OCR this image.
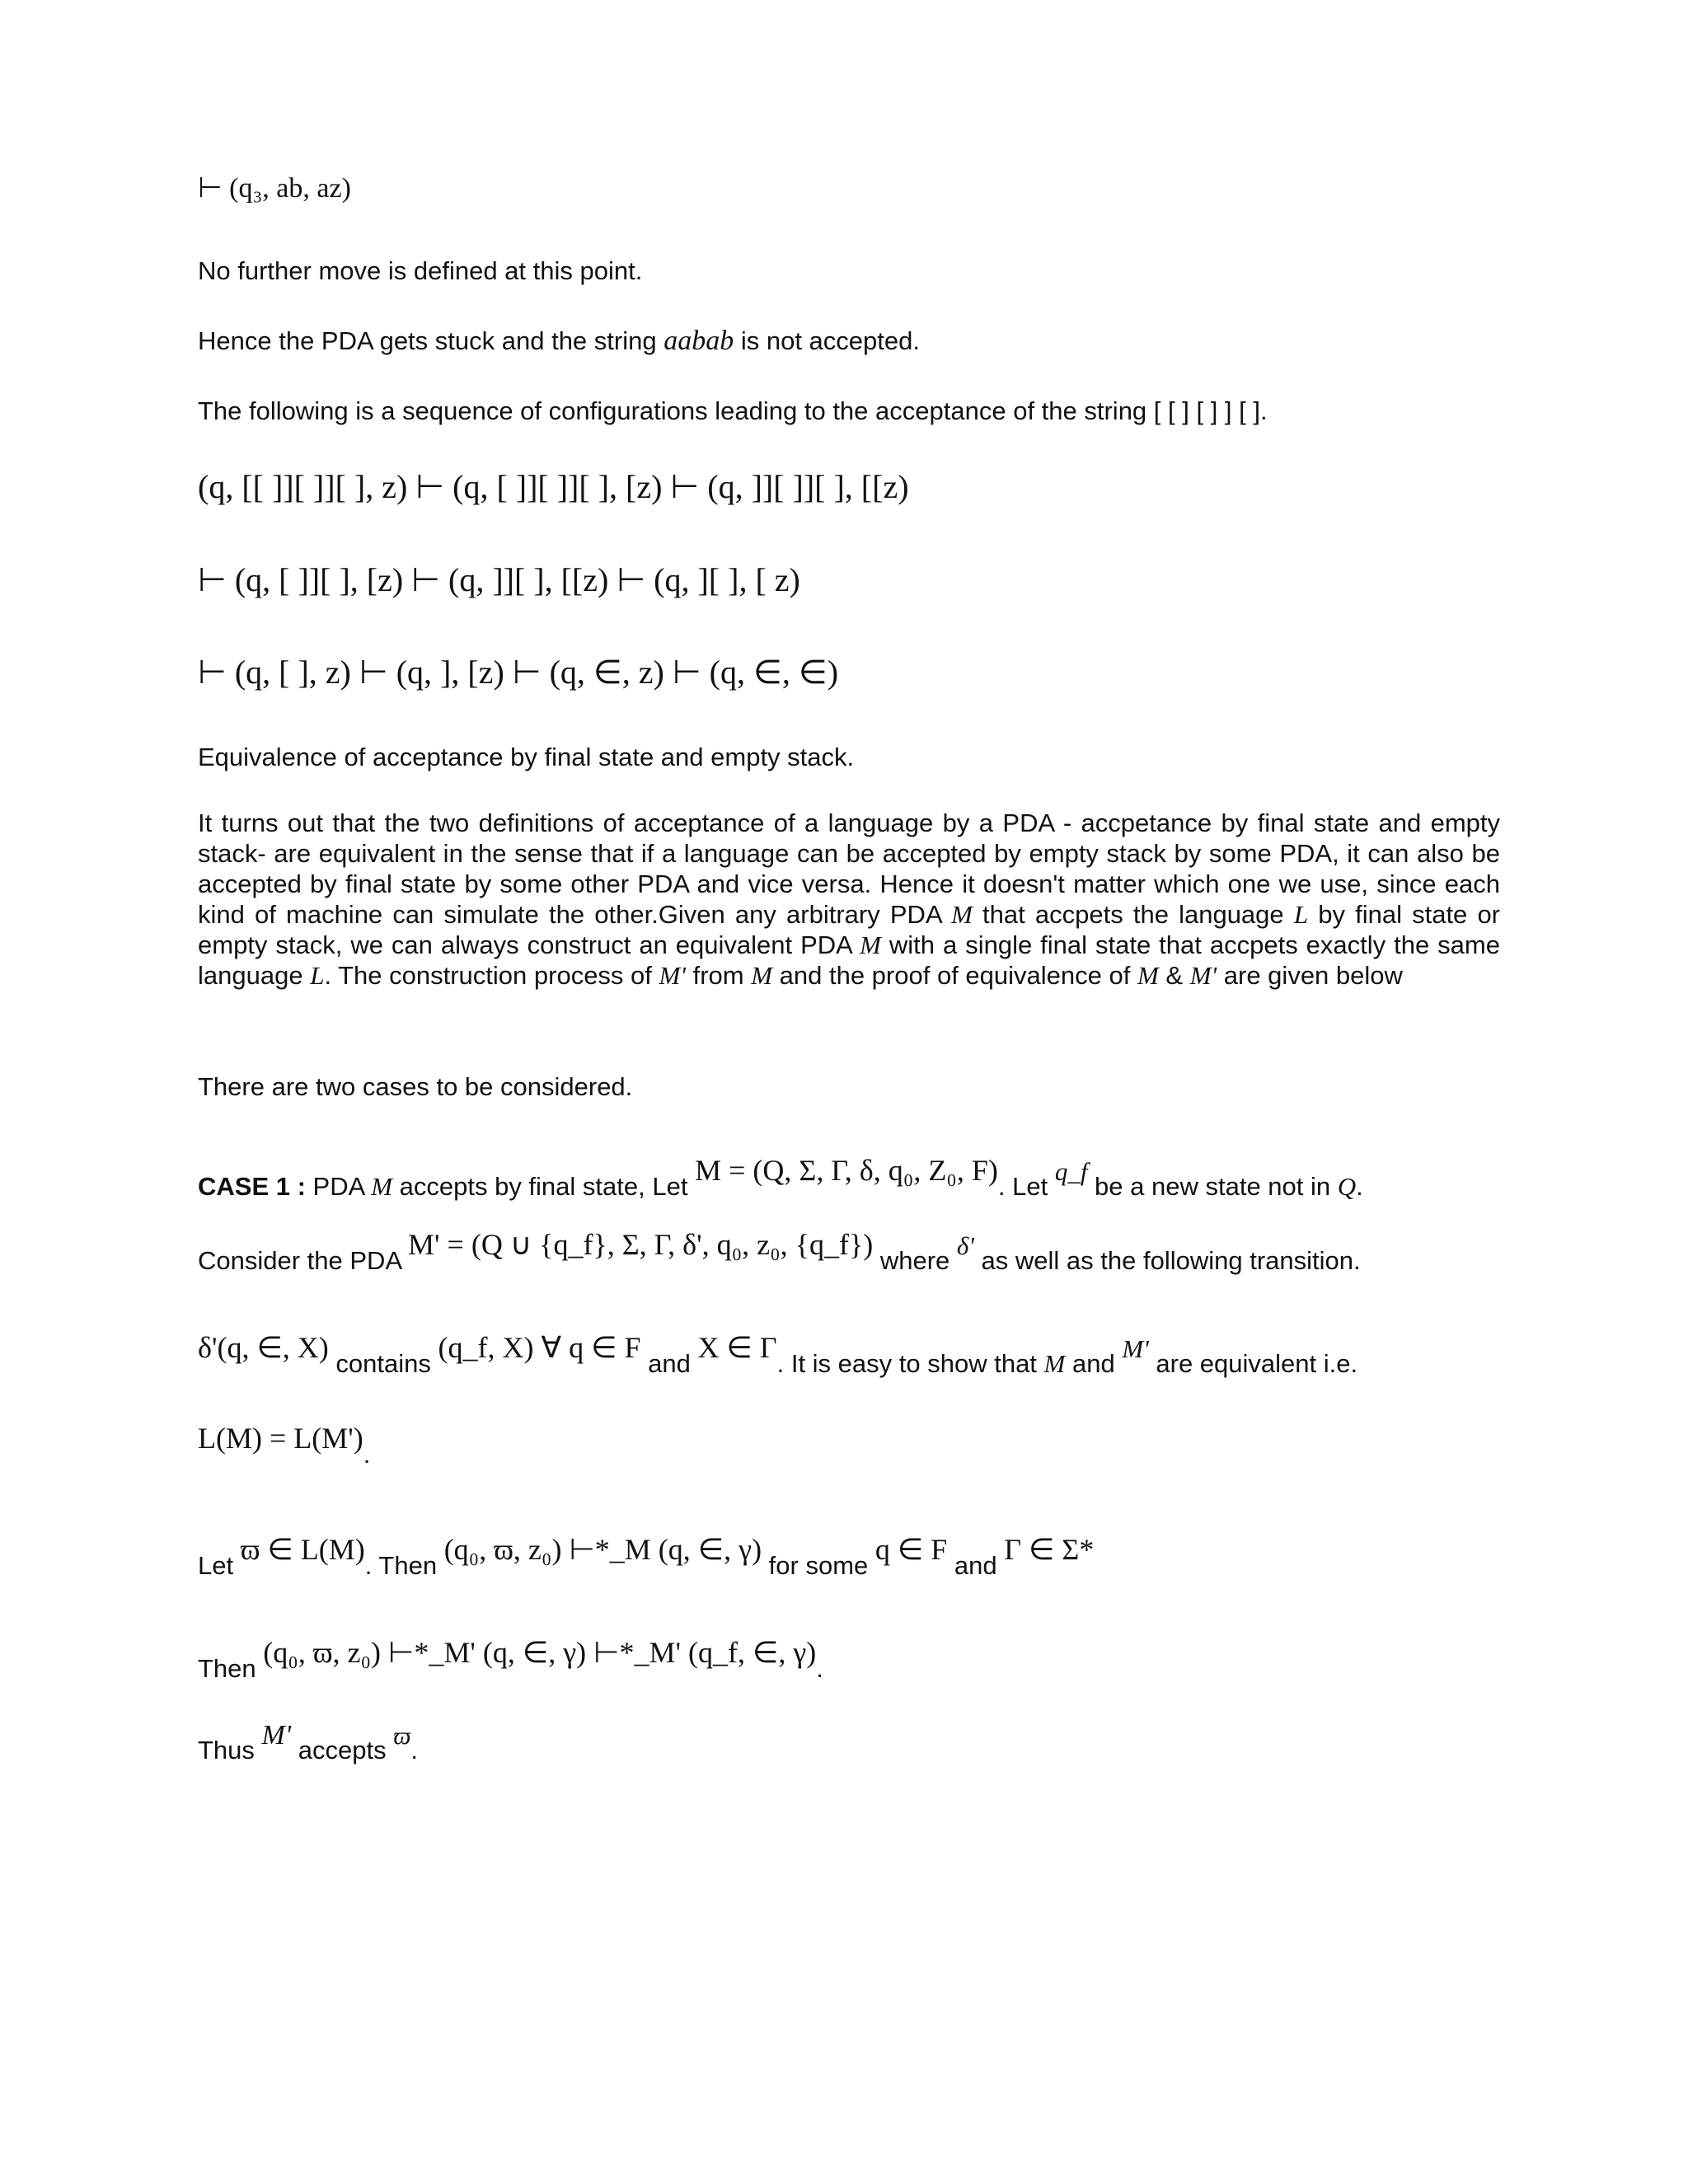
⊢ (q₃, ab, az)
No further move is defined at this point.
Hence the PDA gets stuck and the string aabab is not accepted.
The following is a sequence of configurations leading to the acceptance of the string [ [ ] [ ] ] [ ].
(q, [[ ]][ ]][ ], z) ⊢ (q, [ ]][ ]][ ], [z) ⊢ (q, ]][ ]][ ], [[z)
⊢ (q, [ ]][ ], [z) ⊢ (q, ]][ ], [[z) ⊢ (q, ][ ], [ z)
⊢ (q, [ ], z) ⊢ (q, ], [z) ⊢ (q, ∈, z) ⊢ (q, ∈, ∈)
Equivalence of acceptance by final state and empty stack.
It turns out that the two definitions of acceptance of a language by a PDA - accpetance by final state and empty stack- are equivalent in the sense that if a language can be accepted by empty stack by some PDA, it can also be accepted by final state by some other PDA and vice versa. Hence it doesn't matter which one we use, since each kind of machine can simulate the other.Given any arbitrary PDA M that accpets the language L by final state or empty stack, we can always construct an equivalent PDA M with a single final state that accpets exactly the same language L. The construction process of M' from M and the proof of equivalence of M & M' are given below
There are two cases to be considered.
CASE 1 : PDA M accepts by final state, Let M = (Q, Σ, Γ, δ, q₀, Z₀, F). Let q_f be a new state not in Q.
Consider the PDA M' = (Q ∪ {q_f}, Σ, Γ, δ', q₀, z₀, {q_f}) where δ' as well as the following transition.
δ'(q, ∈, X) contains (q_f, X) ∀ q ∈ F and X ∈ Γ. It is easy to show that M and M' are equivalent i.e.
L(M) = L(M').
Let ϖ ∈ L(M). Then (q₀, ϖ, z₀) ⊢*_M (q, ∈, γ) for some q ∈ F and Γ ∈ Σ*
Then (q₀, ϖ, z₀) ⊢*_M' (q, ∈, γ) ⊢*_M' (q_f, ∈, γ).
Thus M' accepts ϖ.
